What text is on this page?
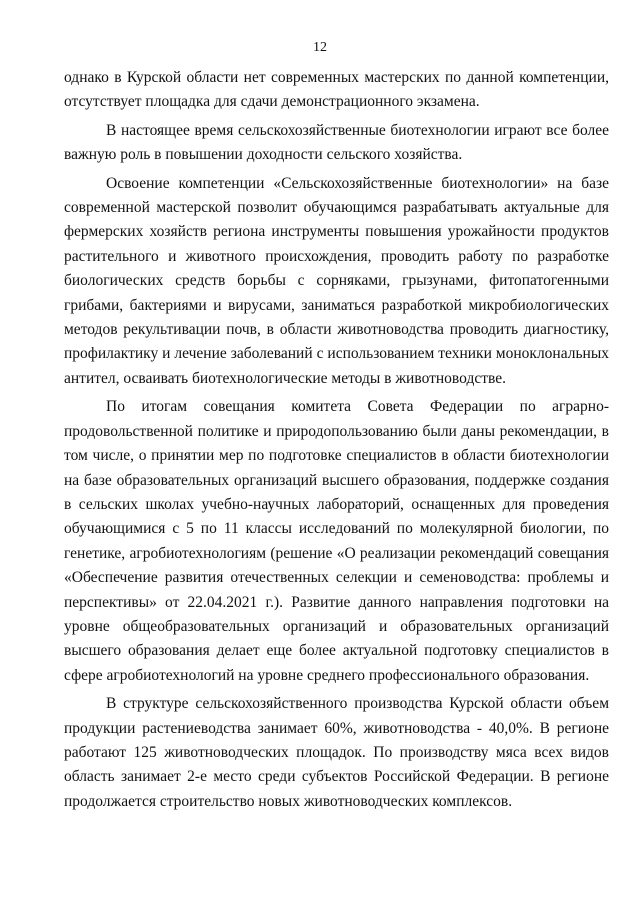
12

однако в Курской области нет современных мастерских по данной компетенции, отсутствует площадка для сдачи демонстрационного экзамена.

В настоящее время сельскохозяйственные биотехнологии играют все более важную роль в повышении доходности сельского хозяйства.

Освоение компетенции «Сельскохозяйственные биотехнологии» на базе современной мастерской позволит обучающимся разрабатывать актуальные для фермерских хозяйств региона инструменты повышения урожайности продуктов растительного и животного происхождения, проводить работу по разработке биологических средств борьбы с сорняками, грызунами, фитопатогенными грибами, бактериями и вирусами, заниматься разработкой микробиологических методов рекультивации почв, в области животноводства проводить диагностику, профилактику и лечение заболеваний с использованием техники моноклональных антител, осваивать биотехнологические методы в животноводстве.

По итогам совещания комитета Совета Федерации по аграрно-продовольственной политике и природопользованию были даны рекомендации, в том числе, о принятии мер по подготовке специалистов в области биотехнологии на базе образовательных организаций высшего образования, поддержке создания в сельских школах учебно-научных лабораторий, оснащенных для проведения обучающимися с 5 по 11 классы исследований по молекулярной биологии, по генетике, агробиотехнологиям (решение «О реализации рекомендаций совещания «Обеспечение развития отечественных селекции и семеноводства: проблемы и перспективы» от 22.04.2021 г.). Развитие данного направления подготовки на уровне общеобразовательных организаций и образовательных организаций высшего образования делает еще более актуальной подготовку специалистов в сфере агробиотехнологий на уровне среднего профессионального образования.

В структуре сельскохозяйственного производства Курской области объем продукции растениеводства занимает 60%, животноводства - 40,0%. В регионе работают 125 животноводческих площадок. По производству мяса всех видов область занимает 2-е место среди субъектов Российской Федерации. В регионе продолжается строительство новых животноводческих комплексов.
